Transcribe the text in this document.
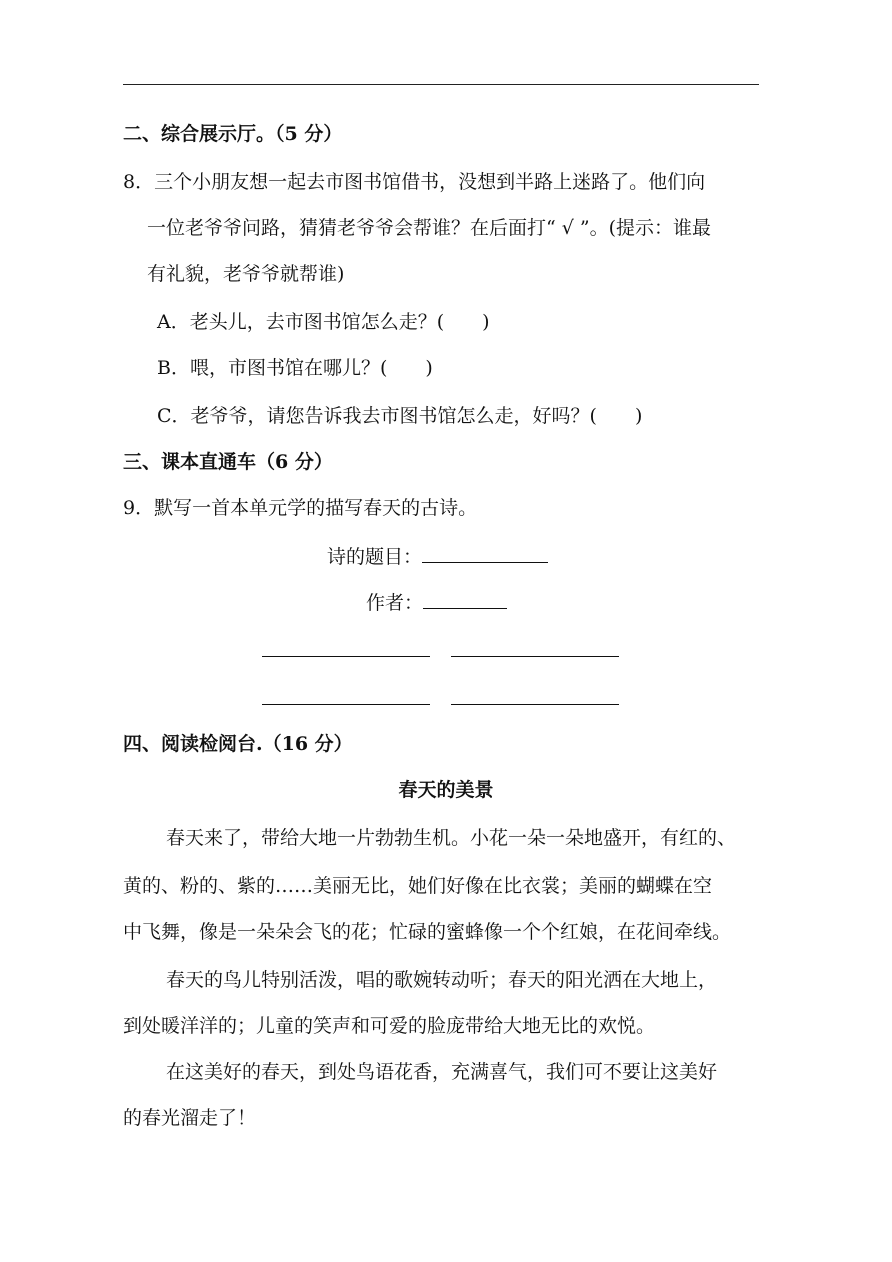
二、综合展示厅。（5 分）
8．三个小朋友想一起去市图书馆借书，没想到半路上迷路了。他们向
一位老爷爷问路，猜猜老爷爷会帮谁？在后面打“ √ ”。(提示：谁最
有礼貌，老爷爷就帮谁)
A．老头儿，去市图书馆怎么走？(　　)
B．喂，市图书馆在哪儿？(　　)
C．老爷爷，请您告诉我去市图书馆怎么走，好吗？(　　)
三、课本直通车（6 分）
9．默写一首本单元学的描写春天的古诗。
诗的题目：
作者：
四、阅读检阅台.（16 分）
春天的美景
春天来了，带给大地一片勃勃生机。小花一朵一朵地盛开，有红的、
黄的、粉的、紫的……美丽无比，她们好像在比衣裳；美丽的蝴蝶在空
中飞舞，像是一朵朵会飞的花；忙碌的蜜蜂像一个个红娘，在花间牵线。
春天的鸟儿特别活泼，唱的歌婉转动听；春天的阳光洒在大地上，
到处暖洋洋的；儿童的笑声和可爱的脸庞带给大地无比的欢悦。
在这美好的春天，到处鸟语花香，充满喜气，我们可不要让这美好
的春光溜走了！
